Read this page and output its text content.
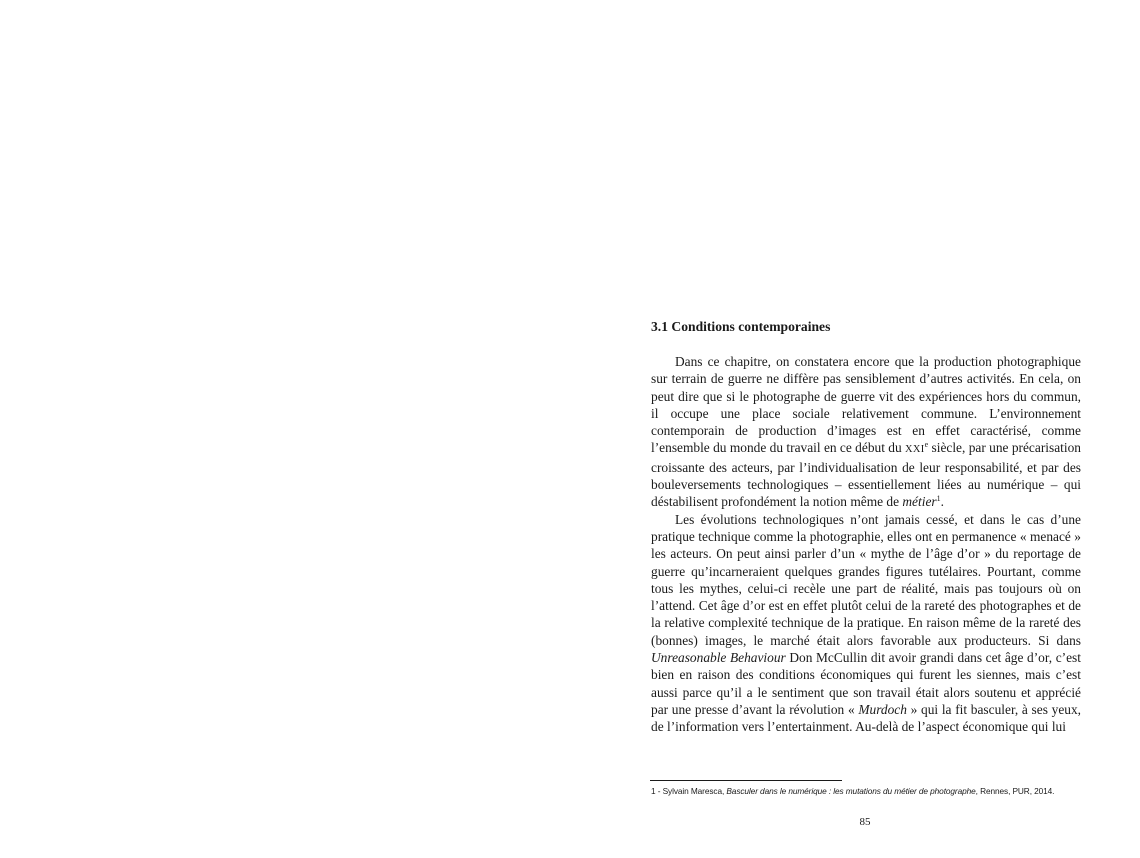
3.1 Conditions contemporaines

Dans ce chapitre, on constatera encore que la production photographique sur terrain de guerre ne diffère pas sensiblement d’autres activités. En cela, on peut dire que si le photographe de guerre vit des expériences hors du commun, il occupe une place sociale relativement commune. L’environnement contemporain de production d’images est en effet caractérisé, comme l’ensemble du monde du travail en ce début du XXIe siècle, par une précarisation croissante des acteurs, par l’individualisation de leur responsabilité, et par des bouleversements technologiques – essentiellement liées au numérique – qui déstabilisent profondément la notion même de métier$^1$.

Les évolutions technologiques n’ont jamais cessé, et dans le cas d’une pratique technique comme la photographie, elles ont en permanence « menacé » les acteurs. On peut ainsi parler d’un « mythe de l’âge d’or » du reportage de guerre qu’incarneraient quelques grandes figures tutélaires. Pourtant, comme tous les mythes, celui-ci recèle une part de réalité, mais pas toujours où on l’attend. Cet âge d’or est en effet plutôt celui de la rareté des photographes et de la relative complexité technique de la pratique. En raison même de la rareté des (bonnes) images, le marché était alors favorable aux producteurs. Si dans Unreasonable Behaviour Don McCullin dit avoir grandi dans cet âge d’or, c’est bien en raison des conditions économiques qui furent les siennes, mais c’est aussi parce qu’il a le sentiment que son travail était alors soutenu et apprécié par une presse d’avant la révolution « Murdoch » qui la fit basculer, à ses yeux, de l’information vers l’entertainment. Au-delà de l’aspect économique qui lui

1 - Sylvain Maresca, Basculer dans le numérique : les mutations du métier de photographe, Rennes, PUR, 2014.
85
